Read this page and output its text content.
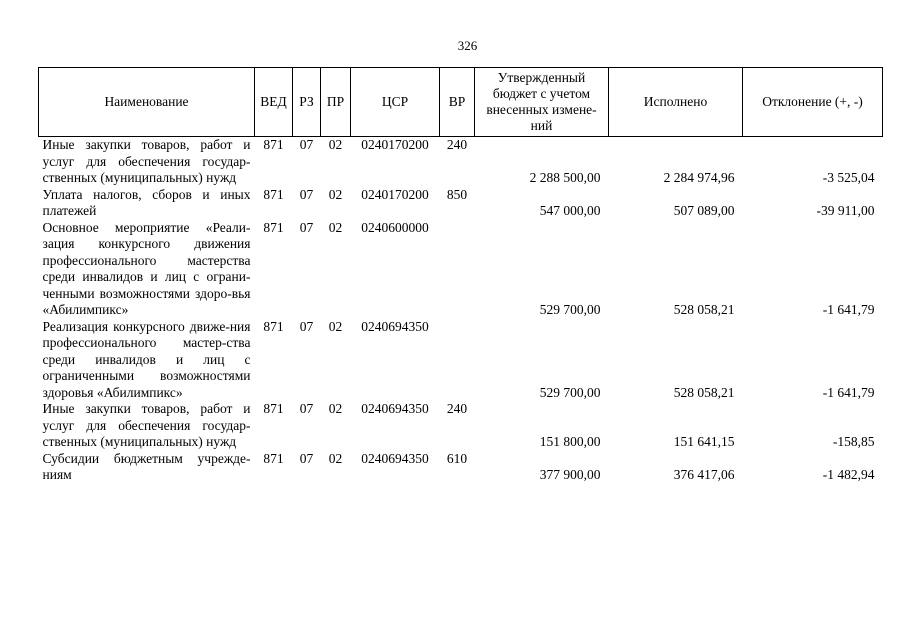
326
Наименование	ВЕД	РЗ	ПР	ЦСР	ВР	Утвержденный бюджет с учетом внесенных измене-ний	Исполнено	Отклонение (+, -)
Иные закупки товаров, работ и услуг для обеспечения государ-ственных (муниципальных) нужд	871	07	02	0240170200	240	2 288 500,00	2 284 974,96	-3 525,04
Уплата налогов, сборов и иных платежей	871	07	02	0240170200	850	547 000,00	507 089,00	-39 911,00
Основное мероприятие «Реали-зация конкурсного движения профессионального мастерства среди инвалидов и лиц с ограни-ченными возможностями здоро-вья «Абилимпикс»	871	07	02	0240600000		529 700,00	528 058,21	-1 641,79
Реализация конкурсного движе-ния профессионального мастер-ства среди инвалидов и лиц с ограниченными возможностями здоровья «Абилимпикс»	871	07	02	0240694350		529 700,00	528 058,21	-1 641,79
Иные закупки товаров, работ и услуг для обеспечения государ-ственных (муниципальных) нужд	871	07	02	0240694350	240	151 800,00	151 641,15	-158,85
Субсидии бюджетным учрежде-ниям	871	07	02	0240694350	610	377 900,00	376 417,06	-1 482,94
